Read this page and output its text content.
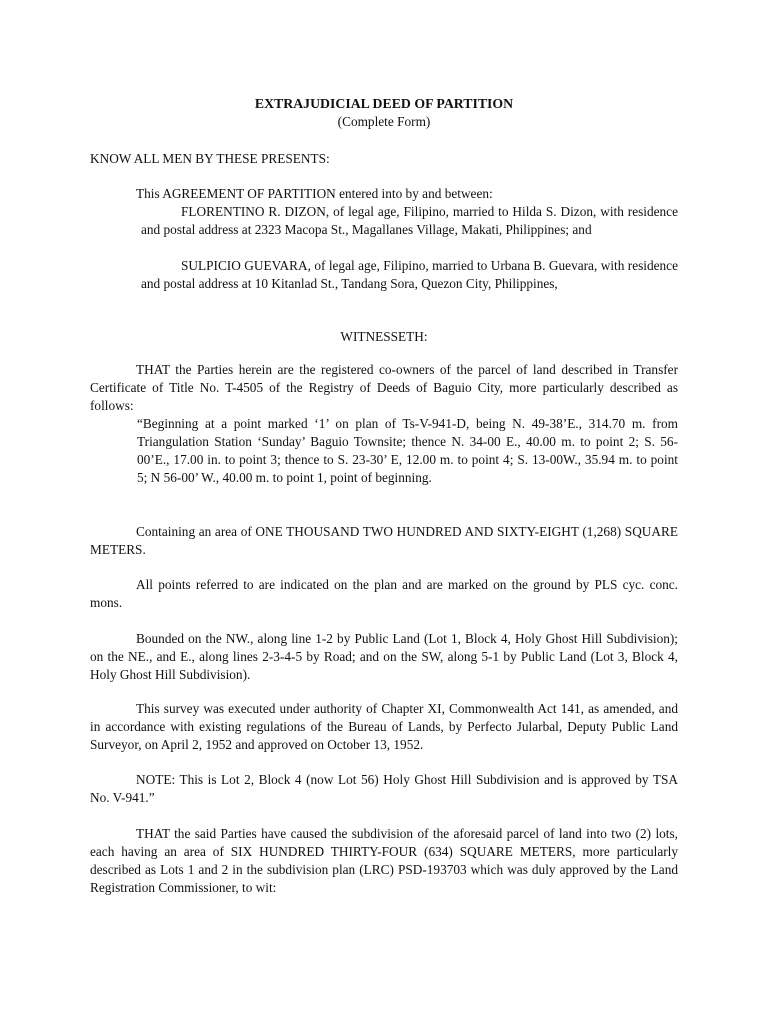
EXTRAJUDICIAL DEED OF PARTITION
(Complete Form)
KNOW ALL MEN BY THESE PRESENTS:
This AGREEMENT OF PARTITION entered into by and between:
FLORENTINO R. DIZON, of legal age, Filipino, married to Hilda S. Dizon, with residence and postal address at 2323 Macopa St., Magallanes Village, Makati, Philippines; and
SULPICIO GUEVARA, of legal age, Filipino, married to Urbana B. Guevara, with residence and postal address at 10 Kitanlad St., Tandang Sora, Quezon City, Philippines,
WITNESSETH:
THAT the Parties herein are the registered co-owners of the parcel of land described in Transfer Certificate of Title No. T-4505 of the Registry of Deeds of Baguio City, more particularly described as follows:
“Beginning at a point marked ‘1’ on plan of Ts-V-941-D, being N. 49-38’E., 314.70 m. from Triangulation Station ‘Sunday’ Baguio Townsite; thence N. 34-00 E., 40.00 m. to point 2; S. 56-00’E., 17.00 in. to point 3; thence to S. 23-30’ E, 12.00 m. to point 4; S. 13-00W., 35.94 m. to point 5; N 56-00’ W., 40.00 m. to point 1, point of beginning.
Containing an area of ONE THOUSAND TWO HUNDRED AND SIXTY-EIGHT (1,268) SQUARE METERS.
All points referred to are indicated on the plan and are marked on the ground by PLS cyc. conc. mons.
Bounded on the NW., along line 1-2 by Public Land (Lot 1, Block 4, Holy Ghost Hill Subdivision); on the NE., and E., along lines 2-3-4-5 by Road; and on the SW, along 5-1 by Public Land (Lot 3, Block 4, Holy Ghost Hill Subdivision).
This survey was executed under authority of Chapter XI, Commonwealth Act 141, as amended, and in accordance with existing regulations of the Bureau of Lands, by Perfecto Jularbal, Deputy Public Land Surveyor, on April 2, 1952 and approved on October 13, 1952.
NOTE: This is Lot 2, Block 4 (now Lot 56) Holy Ghost Hill Subdivision and is approved by TSA No. V-941.”
THAT the said Parties have caused the subdivision of the aforesaid parcel of land into two (2) lots, each having an area of SIX HUNDRED THIRTY-FOUR (634) SQUARE METERS, more particularly described as Lots 1 and 2 in the subdivision plan (LRC) PSD-193703 which was duly approved by the Land Registration Commissioner, to wit:
